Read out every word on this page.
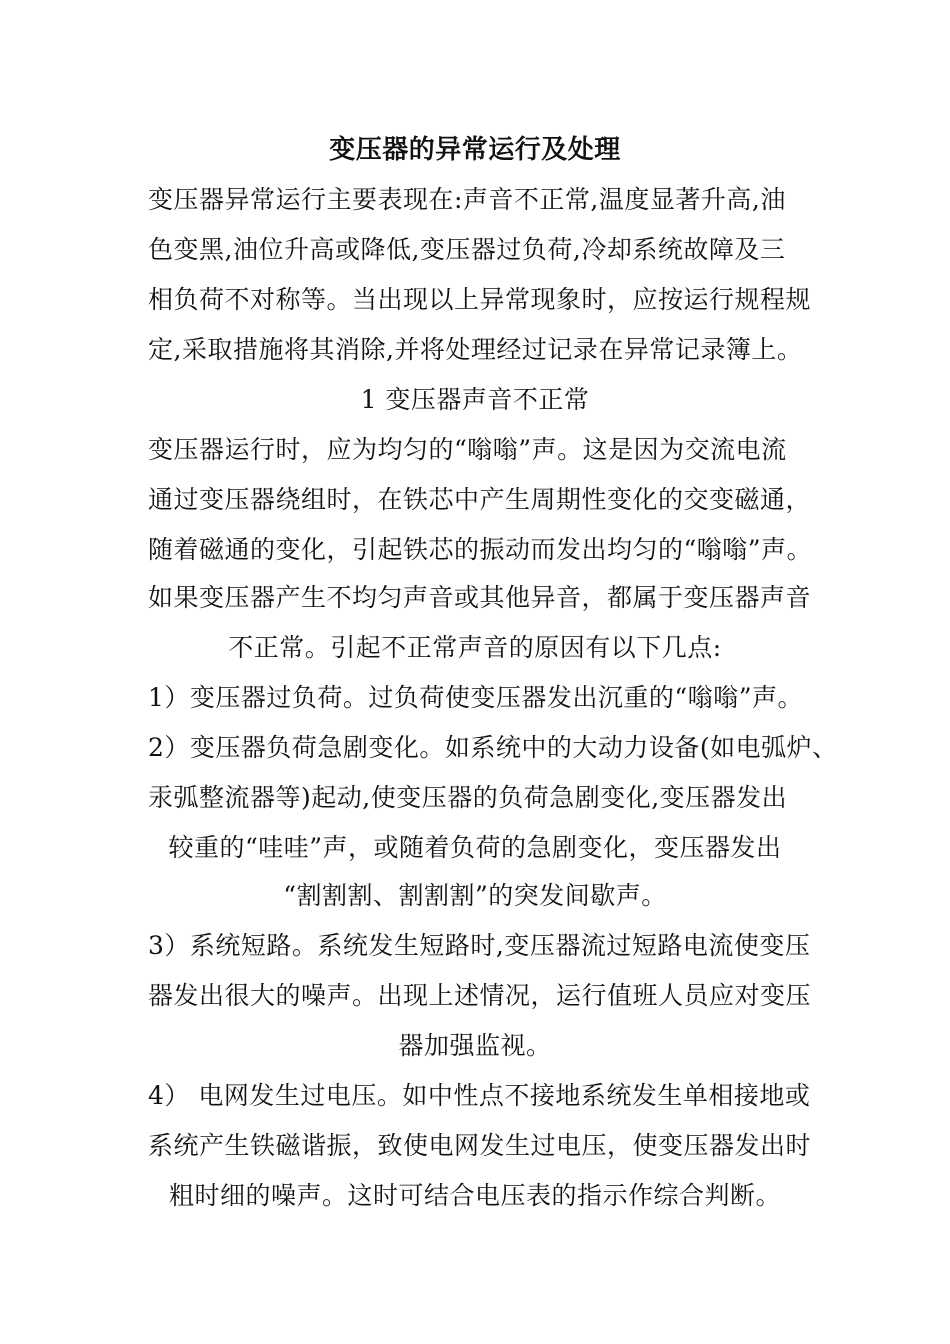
变压器的异常运行及处理
变压器异常运行主要表现在:声音不正常,温度显著升高,油
色变黑,油位升高或降低,变压器过负荷,冷却系统故障及三
相负荷不对称等。当出现以上异常现象时，应按运行规程规
定,采取措施将其消除,并将处理经过记录在异常记录簿上。
1 变压器声音不正常
变压器运行时，应为均匀的“嗡嗡”声。这是因为交流电流
通过变压器绕组时，在铁芯中产生周期性变化的交变磁通，
随着磁通的变化，引起铁芯的振动而发出均匀的“嗡嗡”声。
如果变压器产生不均匀声音或其他异音，都属于变压器声音
不正常。引起不正常声音的原因有以下几点:
1）变压器过负荷。过负荷使变压器发出沉重的“嗡嗡”声。
2）变压器负荷急剧变化。如系统中的大动力设备(如电弧炉、
汞弧整流器等)起动,使变压器的负荷急剧变化,变压器发出
较重的“哇哇”声，或随着负荷的急剧变化，变压器发出
“割割割、割割割”的突发间歇声。
3）系统短路。系统发生短路时,变压器流过短路电流使变压
器发出很大的噪声。出现上述情况，运行值班人员应对变压
器加强监视。
4） 电网发生过电压。如中性点不接地系统发生单相接地或
系统产生铁磁谐振，致使电网发生过电压，使变压器发出时
粗时细的噪声。这时可结合电压表的指示作综合判断。
